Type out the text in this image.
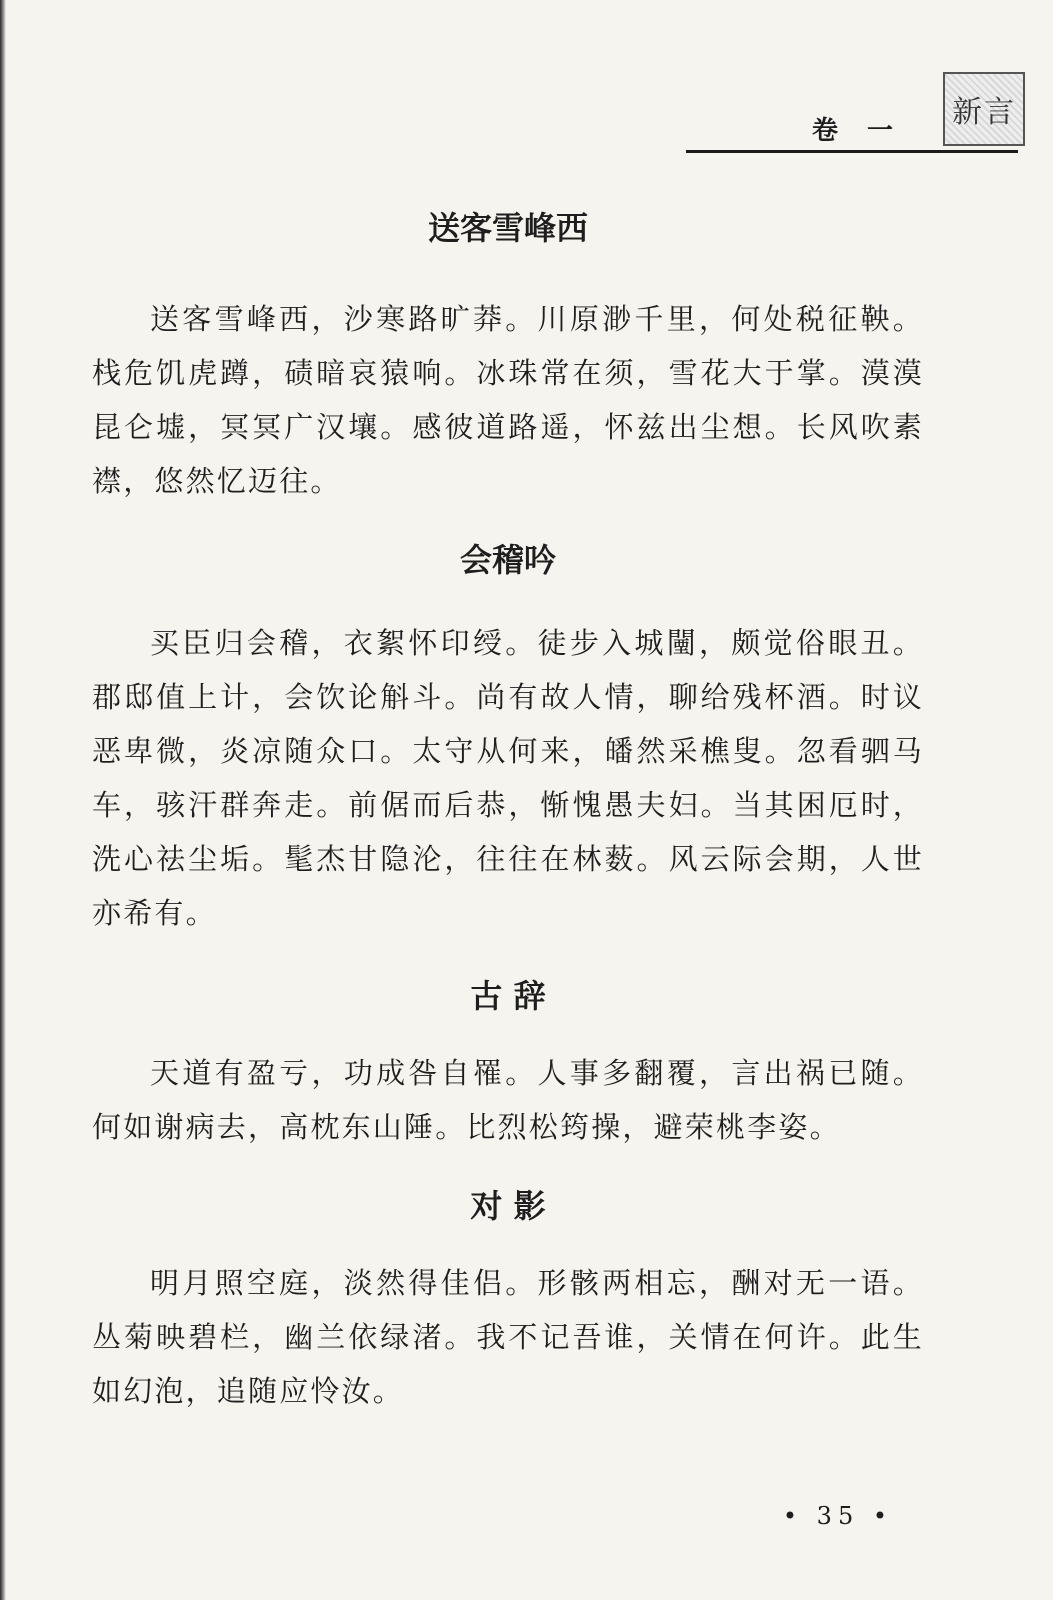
新言
卷 一
送客雪峰西

送客雪峰西，沙寒路旷莽。川原渺千里，何处税征鞅。栈危饥虎蹲，碛暗哀猿响。冰珠常在须，雪花大于掌。漠漠昆仑墟，冥冥广汉壤。感彼道路遥，怀兹出尘想。长风吹素襟，悠然忆迈往。

会稽吟

买臣归会稽，衣絮怀印绶。徒步入城闉，颇觉俗眼丑。郡邸值上计，会饮论斛斗。尚有故人情，聊给残杯酒。时议恶卑微，炎凉随众口。太守从何来，皤然采樵叟。忽看驷马车，骇汗群奔走。前倨而后恭，惭愧愚夫妇。当其困厄时，洗心祛尘垢。髦杰甘隐沦，往往在林薮。风云际会期，人世亦希有。

古 辞

天道有盈亏，功成咎自罹。人事多翻覆，言出祸已随。何如谢病去，高枕东山陲。比烈松筠操，避荣桃李姿。

对 影

明月照空庭，淡然得佳侣。形骸两相忘，酬对无一语。丛菊映碧栏，幽兰依绿渚。我不记吾谁，关情在何许。此生如幻泡，追随应怜汝。

• 35 •
